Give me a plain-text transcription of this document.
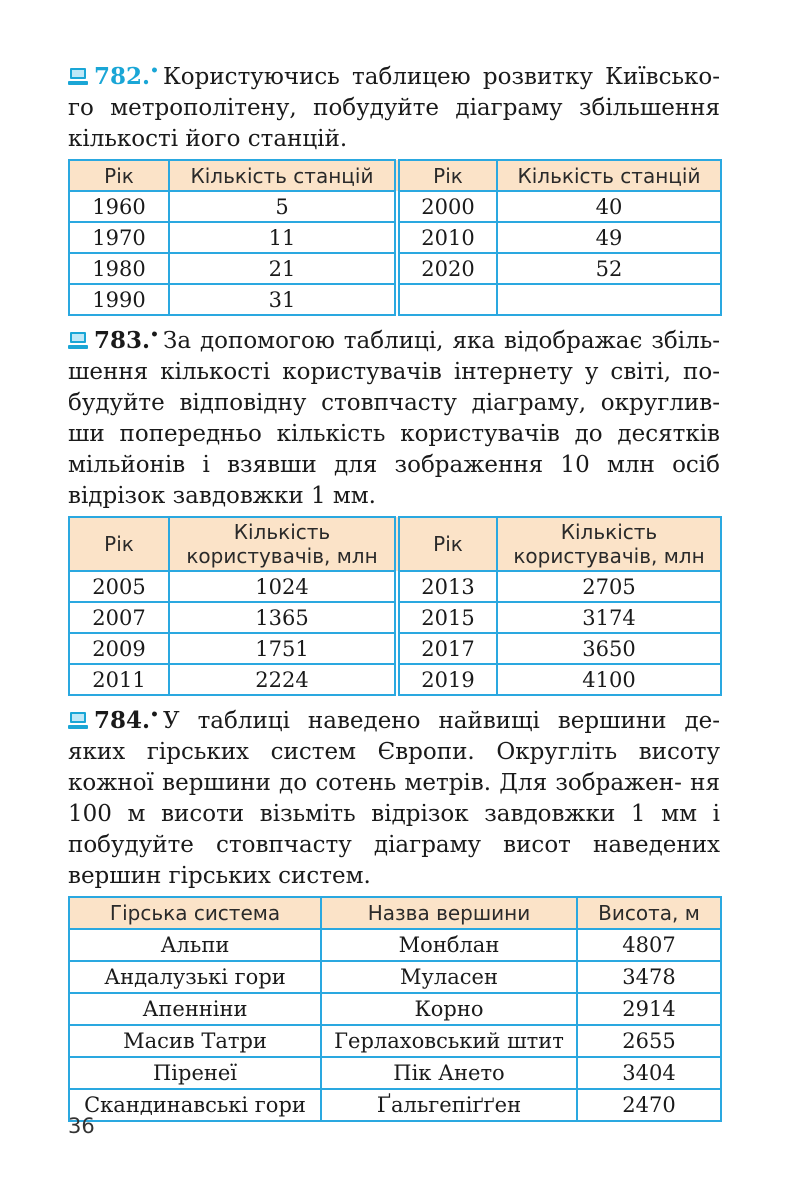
782.• Користуючись таблицею розвитку Київсько- го метрополітену, побудуйте діаграму збільшення кількості його станцій.

Рік	Кількість станцій	Рік	Кількість станцій
1960	5	2000	40
1970	11	2010	49
1980	21	2020	52
1990	31		

783.• За допомогою таблиці, яка відображає збіль- шення кількості користувачів інтернету у світі, по- будуйте відповідну стовпчасту діаграму, округлив- ши попередньо кількість користувачів до десятків мільйонів і взявши для зображення 10 млн осіб відрізок завдовжки 1 мм.

Рік	Кількість користувачів, млн	Рік	Кількість користувачів, млн
2005	1024	2013	2705
2007	1365	2015	3174
2009	1751	2017	3650
2011	2224	2019	4100

784.• У таблиці наведено найвищі вершини де- яких гірських систем Європи. Округліть висоту кожної вершини до сотень метрів. Для зображен- ня 100 м висоти візьміть відрізок завдовжки 1 мм і побудуйте стовпчасту діаграму висот наведених вершин гірських систем.

Гірська система	Назва вершини	Висота, м
Альпи	Монблан	4807
Андалузькі гори	Муласен	3478
Апенніни	Корно	2914
Масив Татри	Герлаховський штит	2655
Піренеї	Пік Ането	3404
Скандинавські гори	Ґальгепіґґен	2470
36
